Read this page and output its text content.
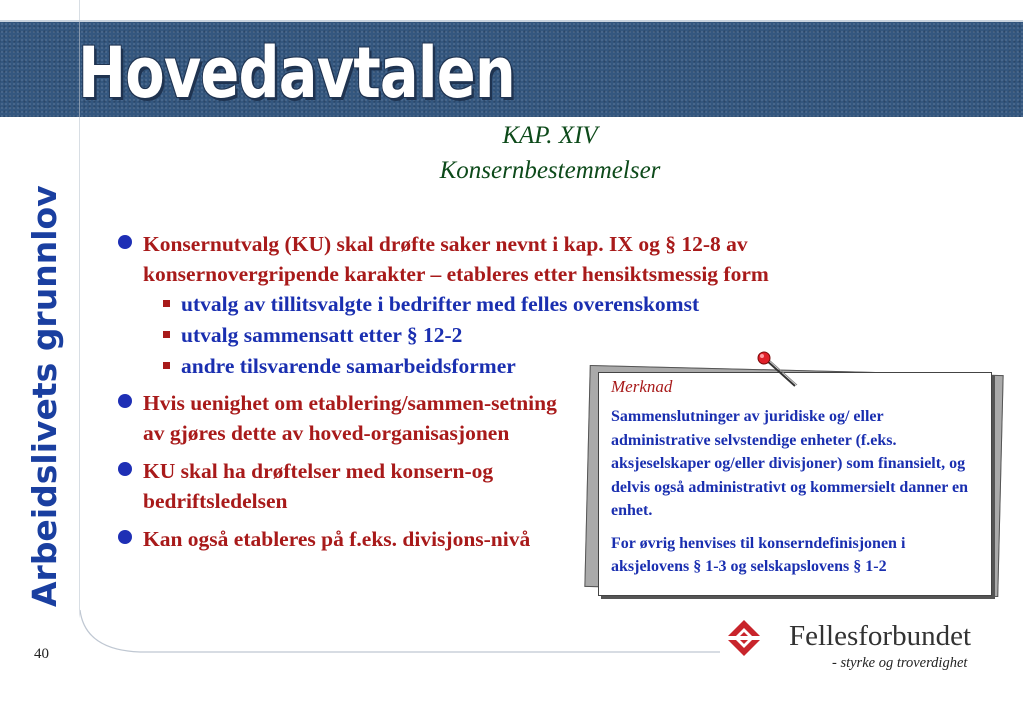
Hovedavtalen
Arbeidslivets grunnlov
KAP. XIV
Konsernbestemmelser
Konsernutvalg (KU) skal drøfte saker nevnt i kap. IX og § 12-8 av konsernovergripende karakter – etableres etter hensiktsmessig form
utvalg av tillitsvalgte i bedrifter med felles overenskomst
utvalg sammensatt etter § 12-2
andre tilsvarende samarbeidsformer
Hvis uenighet om etablering/sammen-setning av gjøres dette av hoved-organisasjonen
KU skal ha drøftelser med konsern-og bedriftsledelsen
Kan også etableres på f.eks. divisjons-nivå
Merknad

Sammenslutninger av juridiske og/ eller administrative selvstendige enheter (f.eks. aksjeselskaper og/eller divisjoner) som finansielt, og delvis også administrativt og kommersielt danner en enhet.

For øvrig henvises til konserndefinisjonen i aksjelovens § 1-3 og selskapslovens § 1-2

Fellesforbundet
- styrke og troverdighet
40
